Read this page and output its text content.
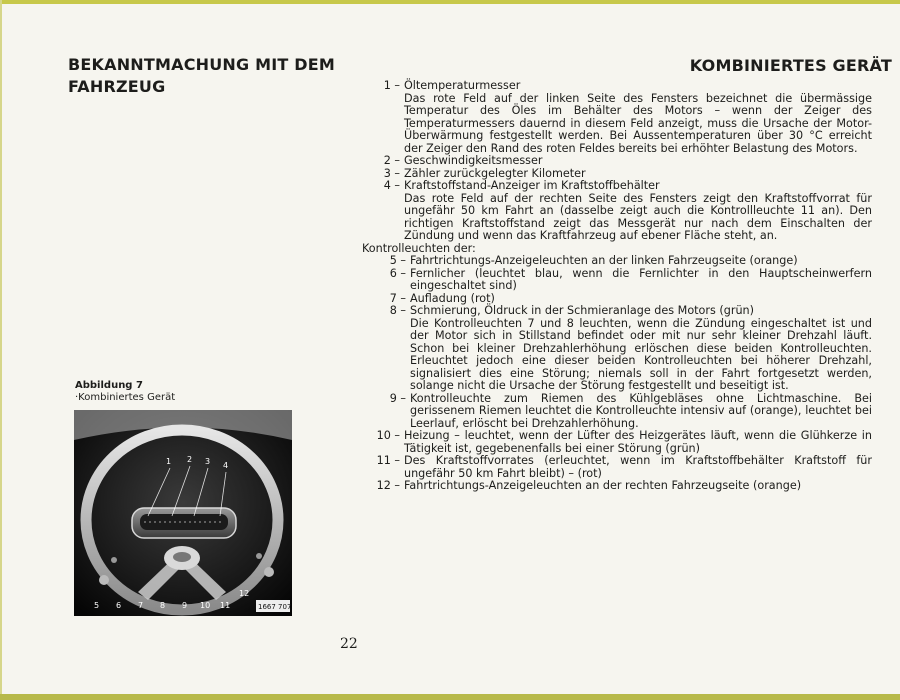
BEKANNTMACHUNG MIT DEM FAHRZEUG
KOMBINIERTES GERÄT
Abbildung 7
·Kombiniertes Gerät
1 2 3 4
5 6 7 8 9 10 11
12
1667 707
1 – Öltemperaturmesser
Das rote Feld auf der linken Seite des Fensters bezeichnet die übermässige Temperatur des Öles im Behälter des Motors – wenn der Zeiger des Temperaturmessers dauernd in diesem Feld anzeigt, muss die Ursache der Motor-Überwärmung festgestellt werden. Bei Aussentemperaturen über 30 °C erreicht der Zeiger den Rand des roten Feldes bereits bei erhöhter Belastung des Motors.
2 – Geschwindigkeitsmesser
3 – Zähler zurückgelegter Kilometer
4 – Kraftstoffstand-Anzeiger im Kraftstoffbehälter
Das rote Feld auf der rechten Seite des Fensters zeigt den Kraftstoffvorrat für ungefähr 50 km Fahrt an (dasselbe zeigt auch die Kontrollleuchte 11 an). Den richtigen Kraftstoffstand zeigt das Messgerät nur nach dem Einschalten der Zündung und wenn das Kraftfahrzeug auf ebener Fläche steht, an.
Kontrolleuchten der:
5 – Fahrtrichtungs-Anzeigeleuchten an der linken Fahrzeugseite (orange)
6 – Fernlicher (leuchtet blau, wenn die Fernlichter in den Hauptscheinwerfern eingeschaltet sind)
7 – Aufladung (rot)
8 – Schmierung, Öldruck in der Schmieranlage des Motors (grün)
Die Kontrolleuchten 7 und 8 leuchten, wenn die Zündung eingeschaltet ist und der Motor sich in Stillstand befindet oder mit nur sehr kleiner Drehzahl läuft. Schon bei kleiner Drehzahlerhöhung erlöschen diese beiden Kontrolleuchten. Erleuchtet jedoch eine dieser beiden Kontrolleuchten bei höherer Drehzahl, signalisiert dies eine Störung; niemals soll in der Fahrt fortgesetzt werden, solange nicht die Ursache der Störung festgestellt und beseitigt ist.
9 – Kontrolleuchte zum Riemen des Kühlgebläses ohne Lichtmaschine. Bei gerissenem Riemen leuchtet die Kontrolleuchte intensiv auf (orange), leuchtet bei Leerlauf, erlöscht bei Drehzahlerhöhung.
10 – Heizung – leuchtet, wenn der Lüfter des Heizgerätes läuft, wenn die Glühkerze in Tätigkeit ist, gegebenenfalls bei einer Störung (grün)
11 – Des Kraftstoffvorrates (erleuchtet, wenn im Kraftstoffbehälter Kraftstoff für ungefähr 50 km Fahrt bleibt) – (rot)
12 – Fahrtrichtungs-Anzeigeleuchten an der rechten Fahrzeugseite (orange)
22
